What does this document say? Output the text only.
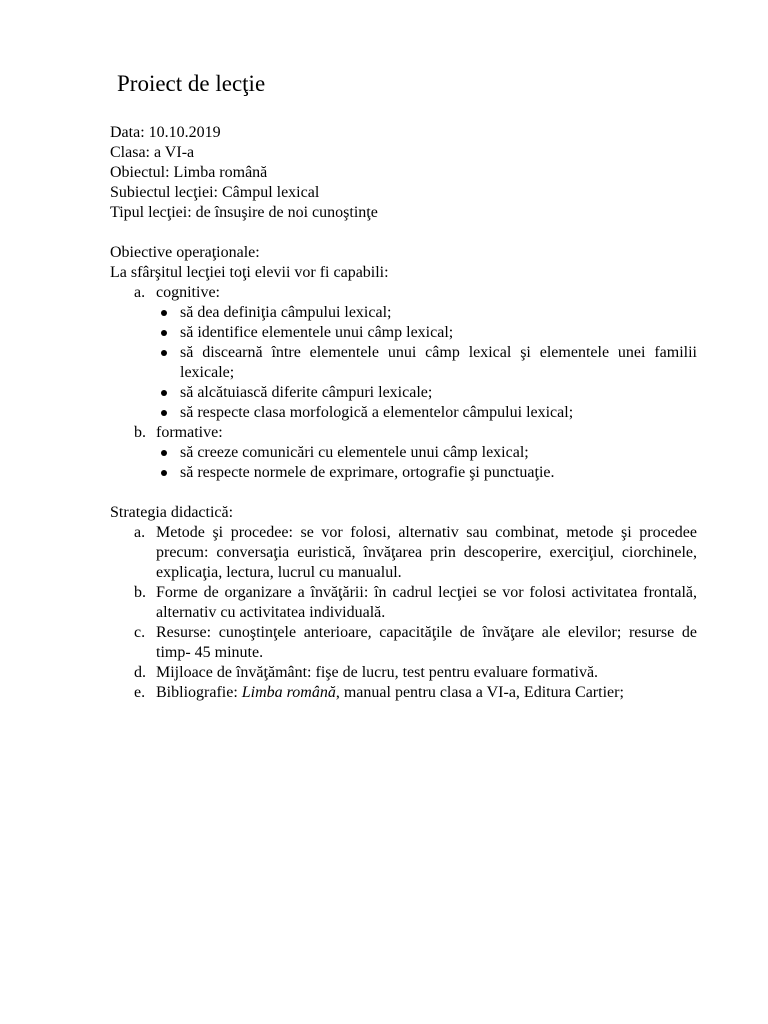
Proiect de lecţie
Data: 10.10.2019
Clasa: a VI-a
Obiectul: Limba română
Subiectul lecţiei: Câmpul lexical
Tipul lecţiei: de însuşire de noi cunoştinţe
Obiective operaţionale:
La sfârşitul lecţiei toţi elevii vor fi capabili:
a. cognitive:
să dea definiţia câmpului lexical;
să identifice elementele unui câmp lexical;
să discearnă între elementele unui câmp lexical şi elementele unei familii lexicale;
să alcătuiască diferite câmpuri lexicale;
să respecte clasa morfologică a elementelor câmpului lexical;
b. formative:
să creeze comunicări cu elementele unui câmp lexical;
să respecte normele de exprimare, ortografie şi punctuaţie.
Strategia didactică:
a. Metode şi procedee: se vor folosi, alternativ sau combinat, metode şi procedee precum: conversaţia euristică, învăţarea prin descoperire, exerciţiul, ciorchinele, explicaţia, lectura, lucrul cu manualul.
b. Forme de organizare a învăţării: în cadrul lecţiei se vor folosi activitatea frontală, alternativ cu activitatea individuală.
c. Resurse: cunoştinţele anterioare, capacităţile de învăţare ale elevilor; resurse de timp- 45 minute.
d. Mijloace de învăţământ: fişe de lucru, test pentru evaluare formativă.
e. Bibliografie: Limba română, manual pentru clasa a VI-a, Editura Cartier;
